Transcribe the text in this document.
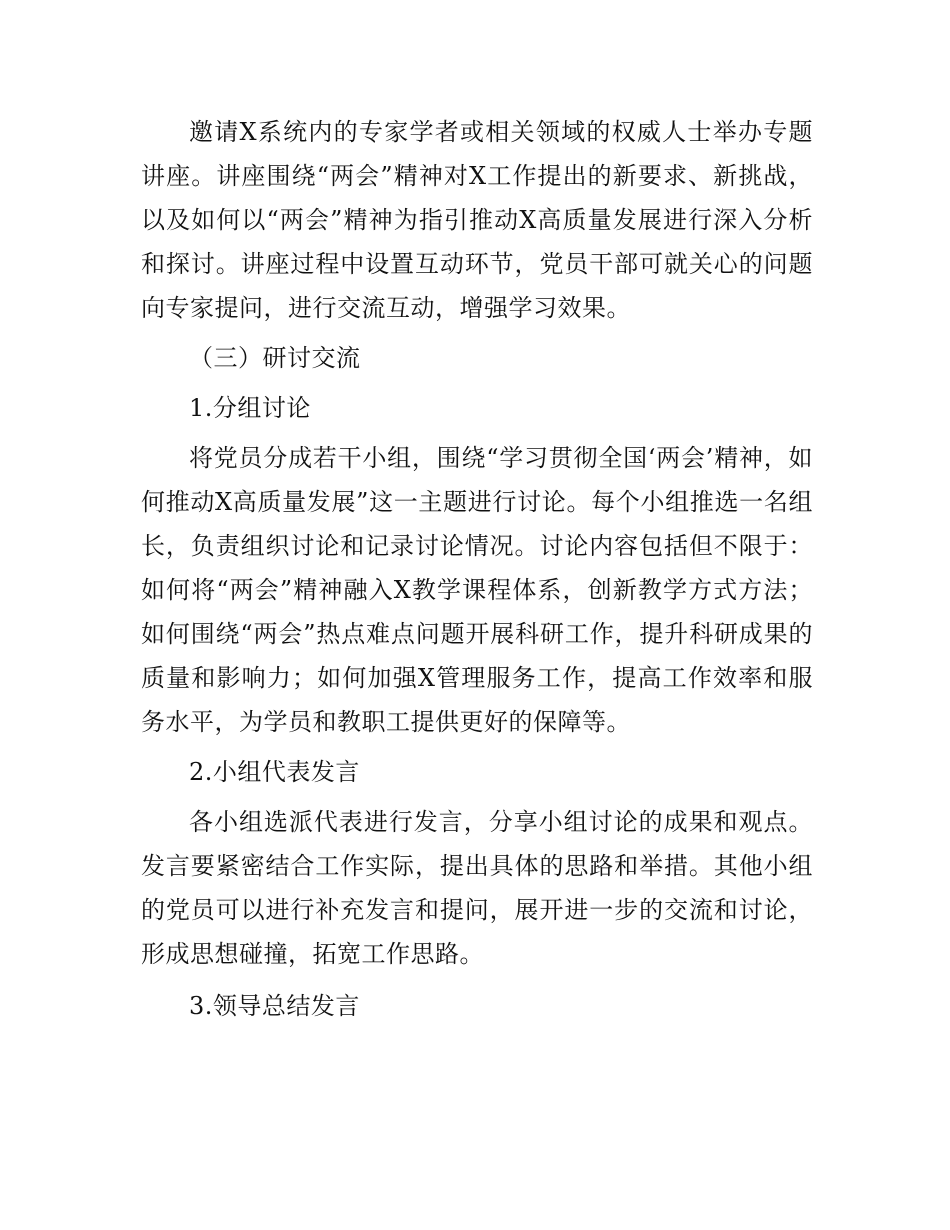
邀请X系统内的专家学者或相关领域的权威人士举办专题讲座。讲座围绕“两会”精神对X工作提出的新要求、新挑战，以及如何以“两会”精神为指引推动X高质量发展进行深入分析和探讨。讲座过程中设置互动环节，党员干部可就关心的问题向专家提问，进行交流互动，增强学习效果。

（三）研讨交流

1.分组讨论

将党员分成若干小组，围绕“学习贯彻全国‘两会’精神，如何推动X高质量发展”这一主题进行讨论。每个小组推选一名组长，负责组织讨论和记录讨论情况。讨论内容包括但不限于：如何将“两会”精神融入X教学课程体系，创新教学方式方法；如何围绕“两会”热点难点问题开展科研工作，提升科研成果的质量和影响力；如何加强X管理服务工作，提高工作效率和服务水平，为学员和教职工提供更好的保障等。

2.小组代表发言

各小组选派代表进行发言，分享小组讨论的成果和观点。发言要紧密结合工作实际，提出具体的思路和举措。其他小组的党员可以进行补充发言和提问，展开进一步的交流和讨论，形成思想碰撞，拓宽工作思路。

3.领导总结发言
